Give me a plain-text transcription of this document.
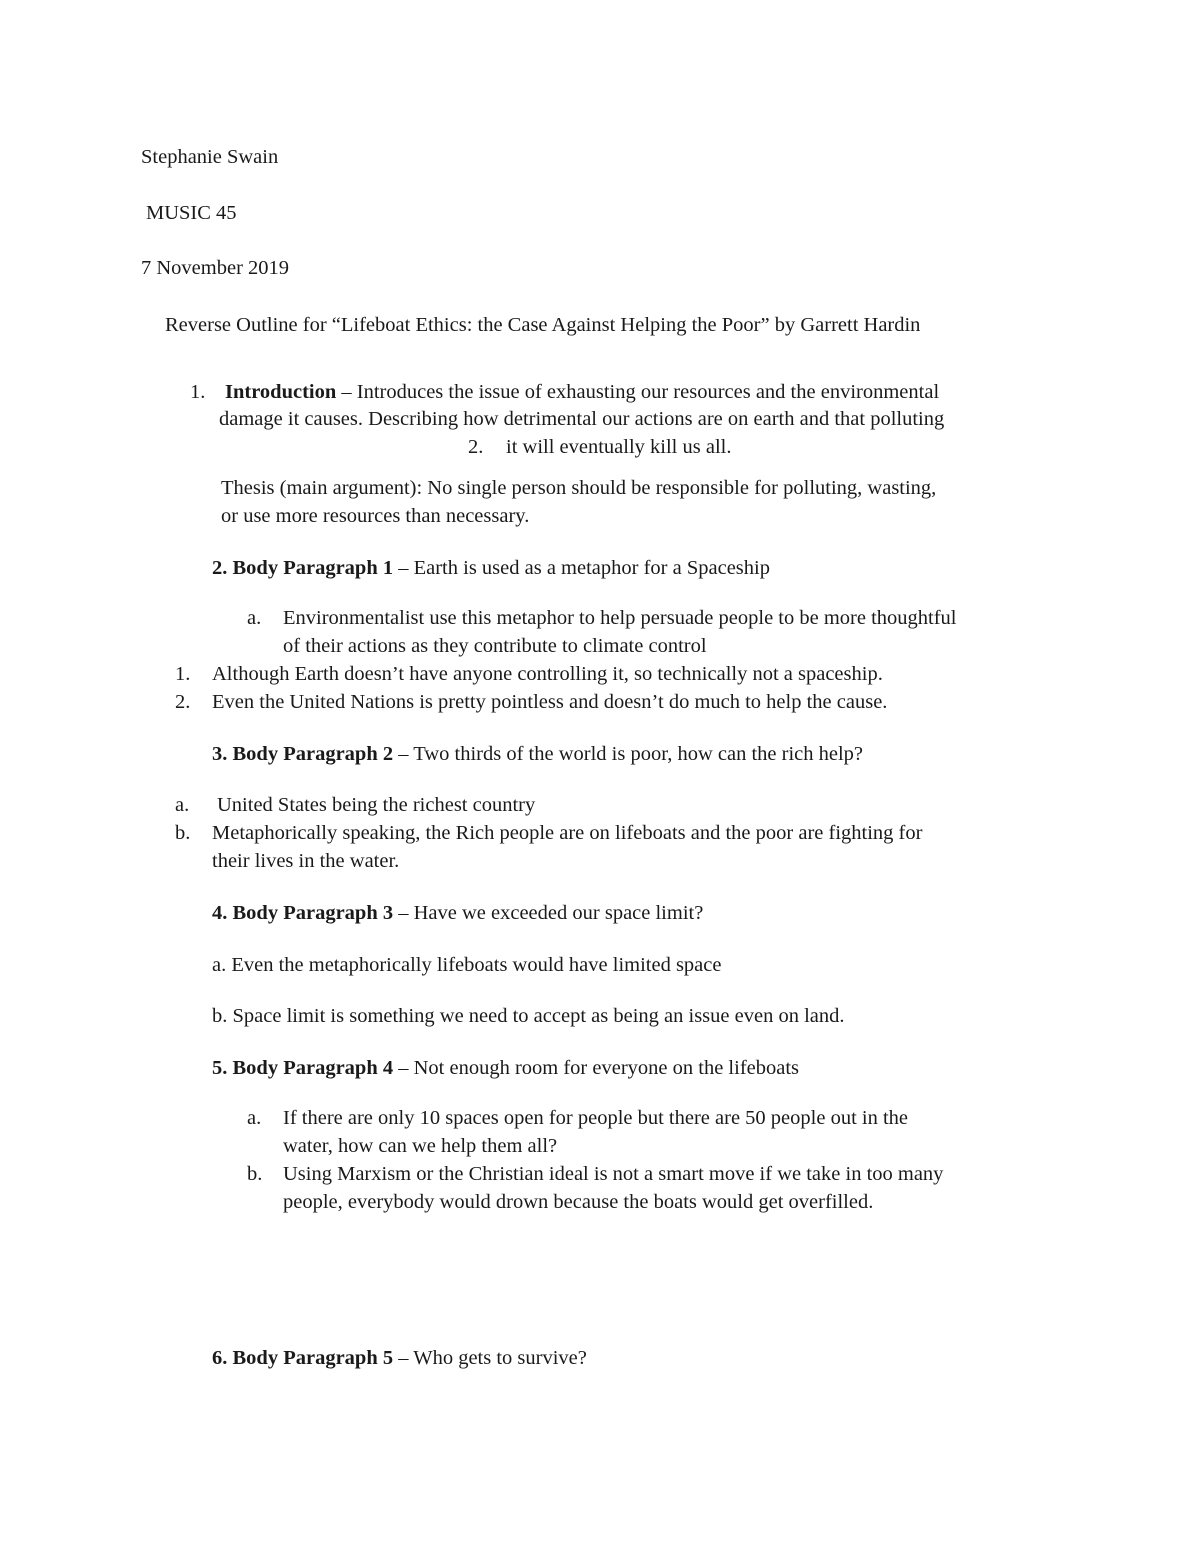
Stephanie Swain
MUSIC 45
7 November 2019
Reverse Outline for “Lifeboat Ethics: the Case Against Helping the Poor” by Garrett Hardin
1. Introduction – Introduces the issue of exhausting our resources and the environmental
damage it causes. Describing how detrimental our actions are on earth and that polluting
2. it will eventually kill us all.
Thesis (main argument): No single person should be responsible for polluting, wasting,
or use more resources than necessary.
2. Body Paragraph 1 – Earth is used as a metaphor for a Spaceship
a. Environmentalist use this metaphor to help persuade people to be more thoughtful
of their actions as they contribute to climate control
1. Although Earth doesn’t have anyone controlling it, so technically not a spaceship.
2. Even the United Nations is pretty pointless and doesn’t do much to help the cause.
3. Body Paragraph 2 – Two thirds of the world is poor, how can the rich help?
a. United States being the richest country
b. Metaphorically speaking, the Rich people are on lifeboats and the poor are fighting for
their lives in the water.
4. Body Paragraph 3 – Have we exceeded our space limit?
a. Even the metaphorically lifeboats would have limited space
b. Space limit is something we need to accept as being an issue even on land.
5. Body Paragraph 4 – Not enough room for everyone on the lifeboats
a. If there are only 10 spaces open for people but there are 50 people out in the
water, how can we help them all?
b. Using Marxism or the Christian ideal is not a smart move if we take in too many
people, everybody would drown because the boats would get overfilled.
6. Body Paragraph 5 – Who gets to survive?
